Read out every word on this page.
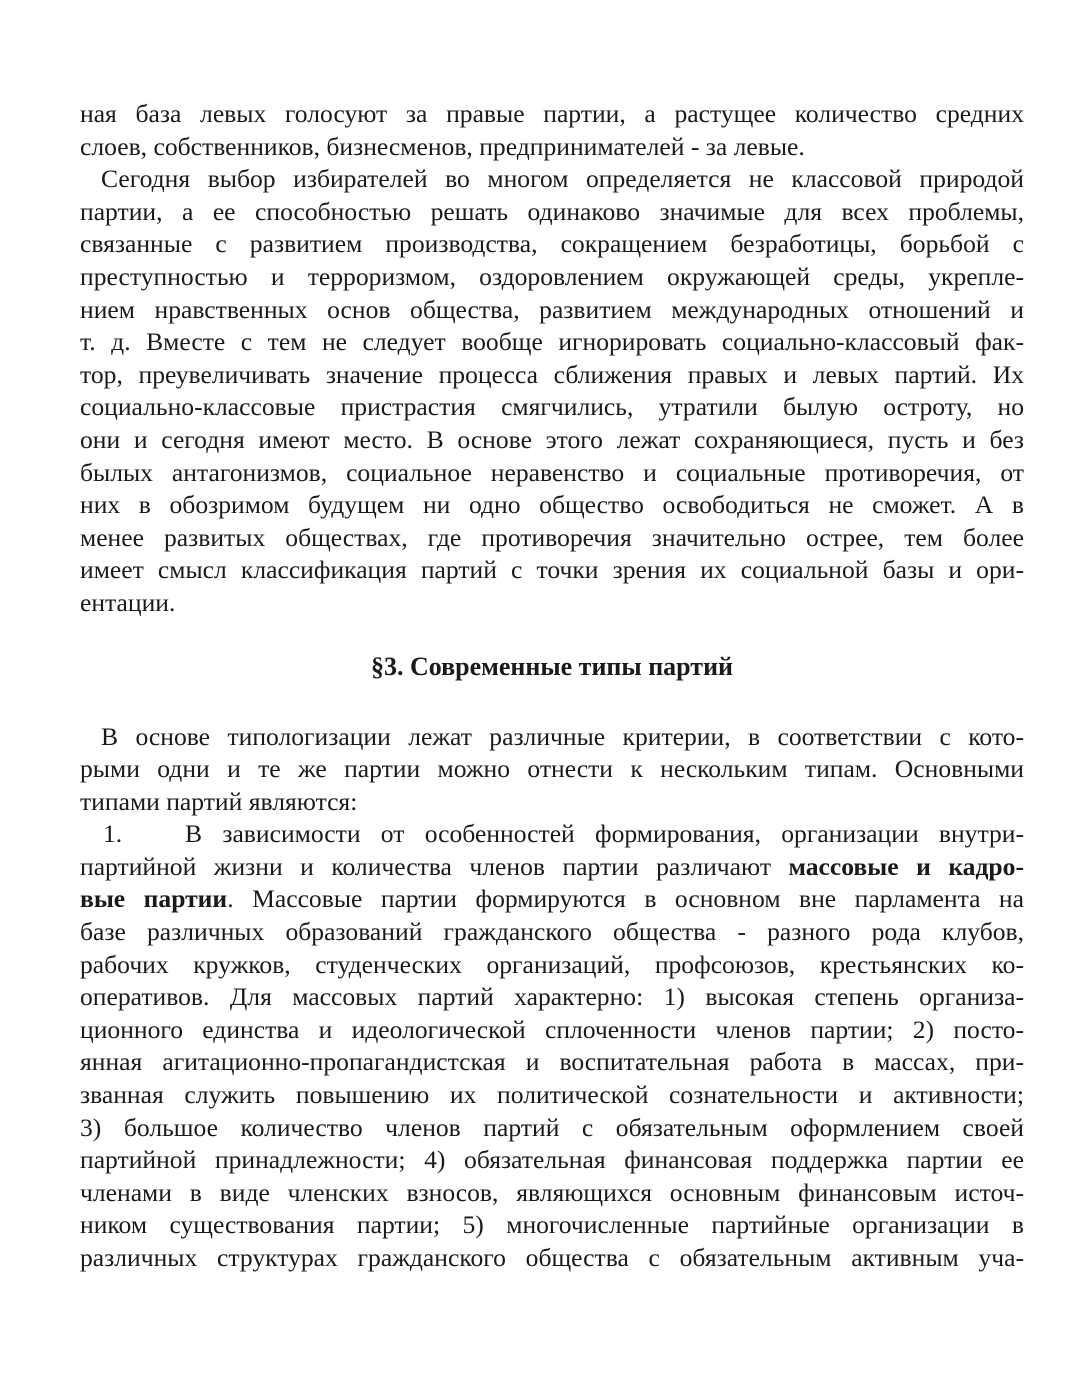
ная база левых голосуют за правые партии, а растущее количество средних
слоев, собственников, бизнесменов, предпринимателей - за левые.
Сегодня выбор избирателей во многом определяется не классовой природой
партии, а ее способностью решать одинаково значимые для всех проблемы,
связанные с развитием производства, сокращением безработицы, борьбой с
преступностью и терроризмом, оздоровлением окружающей среды, укрепле-
нием нравственных основ общества, развитием международных отношений и
т. д. Вместе с тем не следует вообще игнорировать социально-классовый фак-
тор, преувеличивать значение процесса сближения правых и левых партий. Их
социально-классовые пристрастия смягчились, утратили былую остроту, но
они и сегодня имеют место. В основе этого лежат сохраняющиеся, пусть и без
былых антагонизмов, социальное неравенство и социальные противоречия, от
них в обозримом будущем ни одно общество освободиться не сможет. А в
менее развитых обществах, где противоречия значительно острее, тем более
имеет смысл классификация партий с точки зрения их социальной базы и ори-
ентации.
§3. Современные типы партий
В основе типологизации лежат различные критерии, в соответствии с кото-
рыми одни и те же партии можно отнести к нескольким типам. Основными
типами партий являются:
1. В зависимости от особенностей формирования, организации внутри-
партийной жизни и количества членов партии различают массовые и кадро-
вые партии. Массовые партии формируются в основном вне парламента на
базе различных образований гражданского общества - разного рода клубов,
рабочих кружков, студенческих организаций, профсоюзов, крестьянских ко-
оперативов. Для массовых партий характерно: 1) высокая степень организа-
ционного единства и идеологической сплоченности членов партии; 2) посто-
янная агитационно-пропагандистская и воспитательная работа в массах, при-
званная служить повышению их политической сознательности и активности;
3) большое количество членов партий с обязательным оформлением своей
партийной принадлежности; 4) обязательная финансовая поддержка партии ее
членами в виде членских взносов, являющихся основным финансовым источ-
ником существования партии; 5) многочисленные партийные организации в
различных структурах гражданского общества с обязательным активным уча-
